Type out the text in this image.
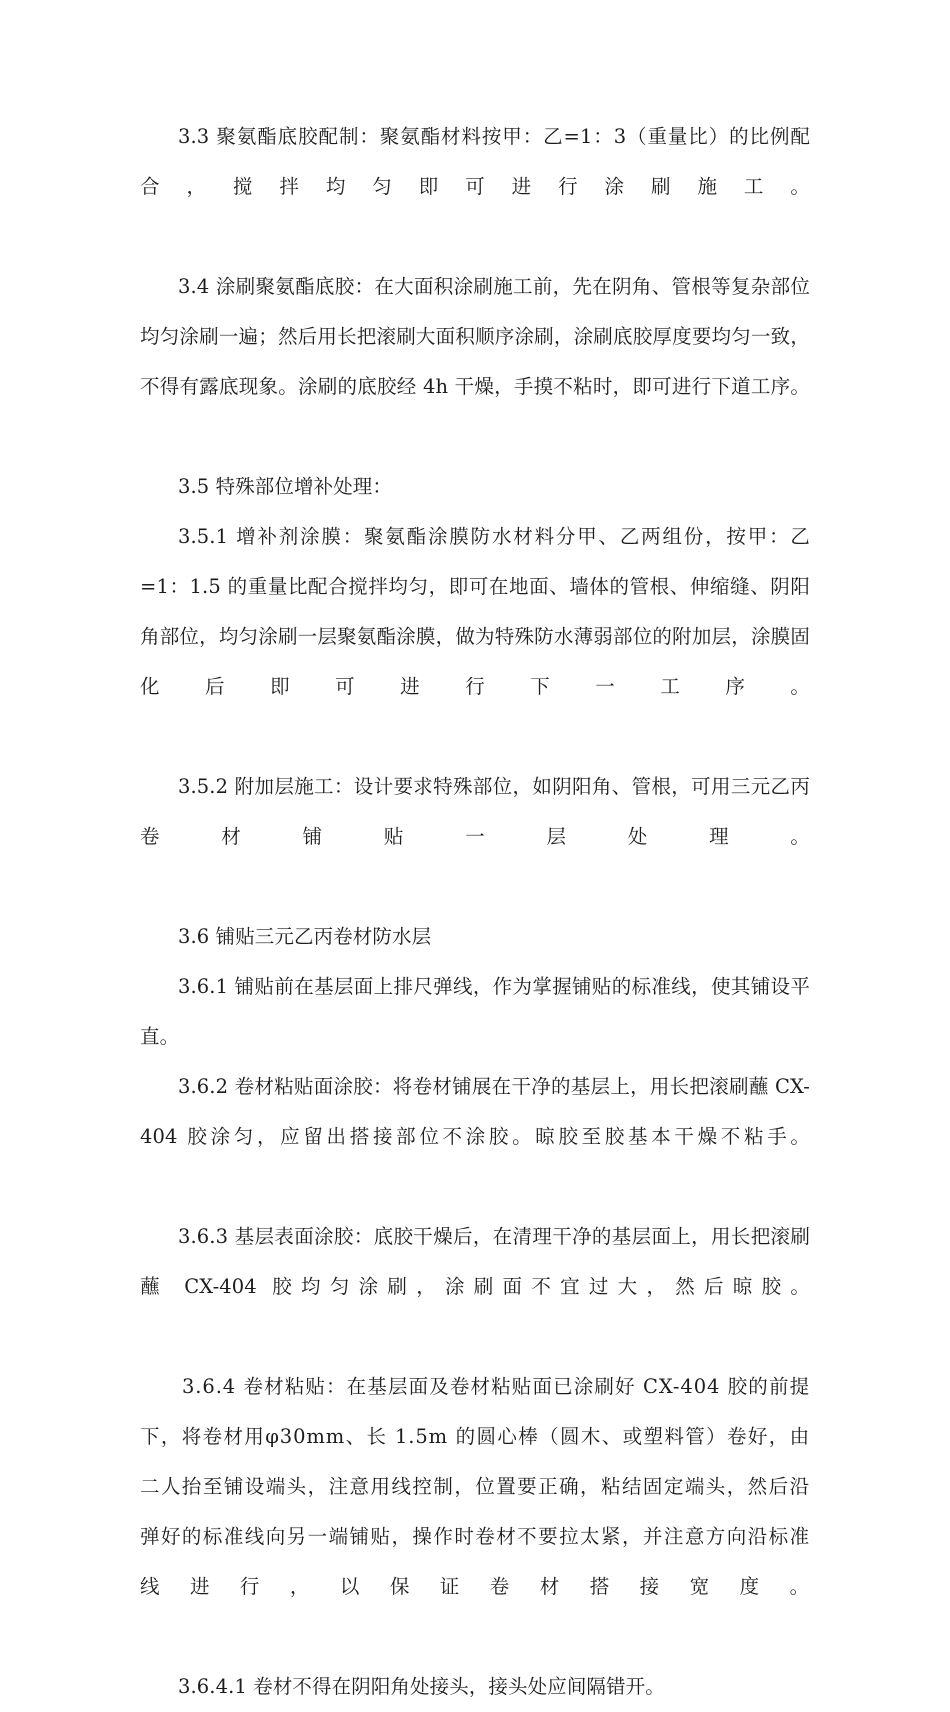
3.3 聚氨酯底胶配制：聚氨酯材料按甲：乙=1：3（重量比）的比例配合，搅拌均匀即可进行涂刷施工。

3.4 涂刷聚氨酯底胶：在大面积涂刷施工前，先在阴角、管根等复杂部位均匀涂刷一遍；然后用长把滚刷大面积顺序涂刷，涂刷底胶厚度要均匀一致，不得有露底现象。涂刷的底胶经 4h 干燥，手摸不粘时，即可进行下道工序。

3.5 特殊部位增补处理：

3.5.1 增补剂涂膜：聚氨酯涂膜防水材料分甲、乙两组份，按甲：乙=1：1.5 的重量比配合搅拌均匀，即可在地面、墙体的管根、伸缩缝、阴阳角部位，均匀涂刷一层聚氨酯涂膜，做为特殊防水薄弱部位的附加层，涂膜固化后即可进行下一工序。

3.5.2 附加层施工：设计要求特殊部位，如阴阳角、管根，可用三元乙丙卷材铺贴一层处理。

3.6 铺贴三元乙丙卷材防水层

3.6.1 铺贴前在基层面上排尺弹线，作为掌握铺贴的标准线，使其铺设平直。

3.6.2 卷材粘贴面涂胶：将卷材铺展在干净的基层上，用长把滚刷蘸 CX-404 胶涂匀，应留出搭接部位不涂胶。晾胶至胶基本干燥不粘手。

3.6.3 基层表面涂胶：底胶干燥后，在清理干净的基层面上，用长把滚刷蘸 CX-404 胶均匀涂刷，涂刷面不宜过大，然后晾胶。

3.6.4 卷材粘贴：在基层面及卷材粘贴面已涂刷好 CX-404 胶的前提下，将卷材用φ30mm、长 1.5m 的圆心棒（圆木、或塑料管）卷好，由二人抬至铺设端头，注意用线控制，位置要正确，粘结固定端头，然后沿弹好的标准线向另一端铺贴，操作时卷材不要拉太紧，并注意方向沿标准线进行，以保证卷材搭接宽度。

3.6.4.1 卷材不得在阴阳角处接头，接头处应间隔错开。
